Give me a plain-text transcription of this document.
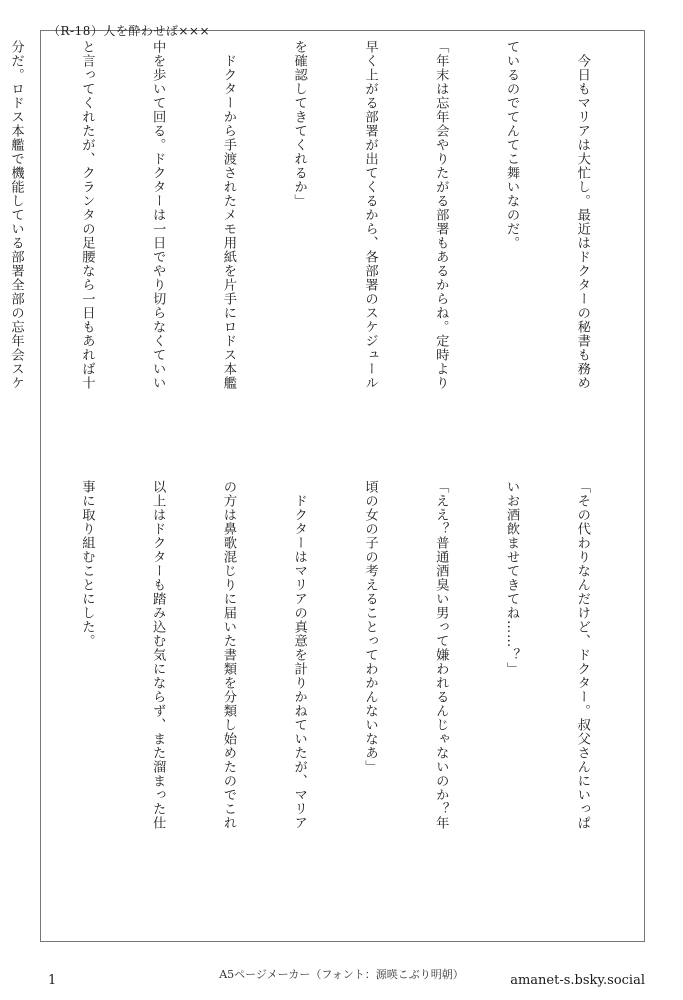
（R-18）人を酔わせば×××

　今日もマリアは大忙し。最近はドクターの秘書も務め

ているのでてんてこ舞いなのだ。

「年末は忘年会やりたがる部署もあるからね。定時より

早く上がる部署が出てくるから、各部署のスケジュール

を確認してきてくれるか」

　ドクターから手渡されたメモ用紙を片手にロドス本艦

中を歩いて回る。ドクターは一日でやり切らなくていい

と言ってくれたが、クランタの足腰なら一日もあれば十

分だ。ロドス本艦で機能している部署全部の忘年会スケ

「その代わりなんだけど、ドクター。叔父さんにいっぱ

いお酒飲ませてきてね……？」

「ええ？普通酒臭い男って嫌われるんじゃないのか？年

頃の女の子の考えることってわかんないなあ」

　ドクターはマリアの真意を計りかねていたが、マリア

の方は鼻歌混じりに届いた書類を分類し始めたのでこれ

以上はドクターも踏み込む気にならず、また溜まった仕

事に取り組むことにした。

1	amanet-s.bsky.social
A5ページメーカー（フォント：源暎こぶり明朝）
